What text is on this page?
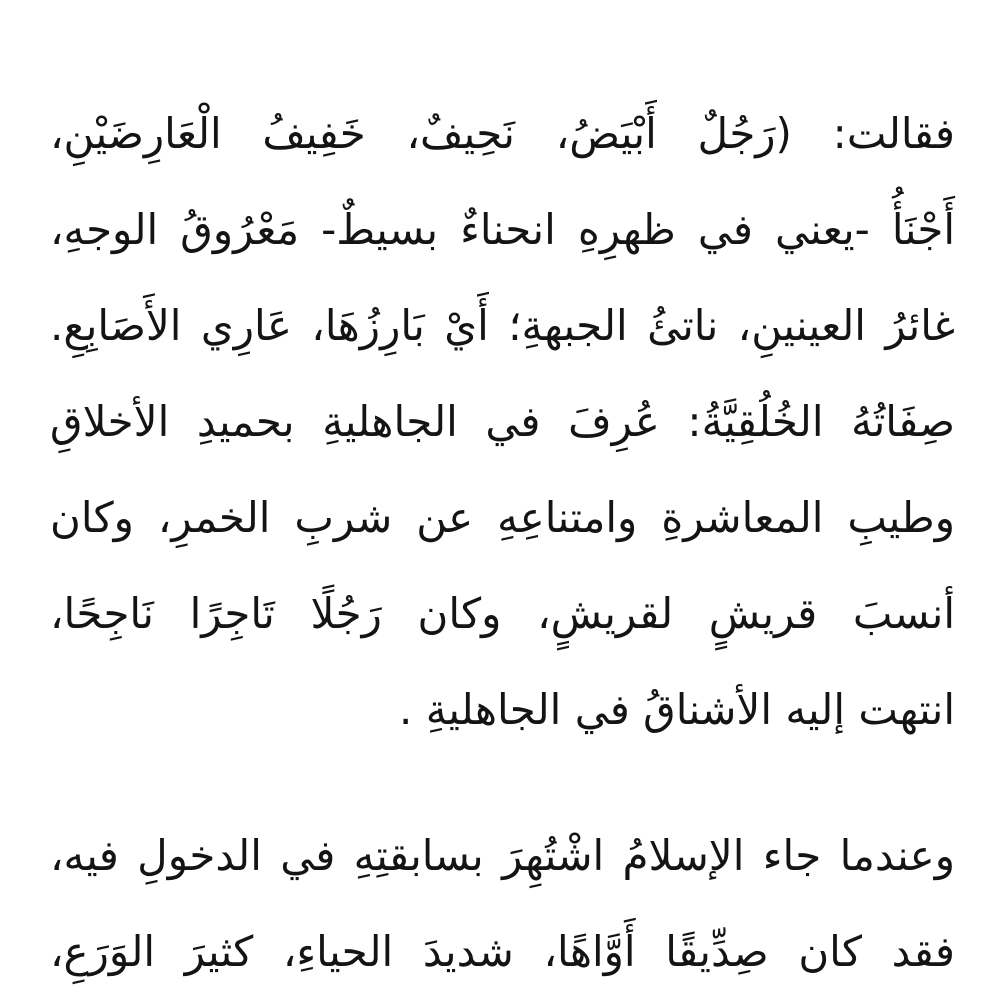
فقالت: (رَجُلٌ أَبْيَضُ، نَحِيفٌ، خَفِيفُ الْعَارِضَيْنِ،
أَجْنَأُ -يعني في ظهرِهِ انحناءٌ بسيطٌ- مَعْرُوقُ الوجهِ،
غائرُ العينينِ، ناتئُ الجبهةِ؛ أَيْ بَارِزُهَا، عَارِي الأَصَابِعِ.
صِفَاتُهُ الخُلُقِيَّةُ: عُرِفَ في الجاهليةِ بحميدِ الأخلاقِ
وطيبِ المعاشرةِ وامتناعِهِ عن شربِ الخمرِ، وكان
أنسبَ قريشٍ لقريشٍ، وكان رَجُلًا تَاجِرًا نَاجِحًا،
انتهت إليه الأشناقُ في الجاهليةِ .
وعندما جاء الإسلامُ اشْتُهِرَ بسابقتِهِ في الدخولِ فيه،
فقد كان صِدِّيقًا أَوَّاهًا، شديدَ الحياءِ، كثيرَ الوَرَعِ،
